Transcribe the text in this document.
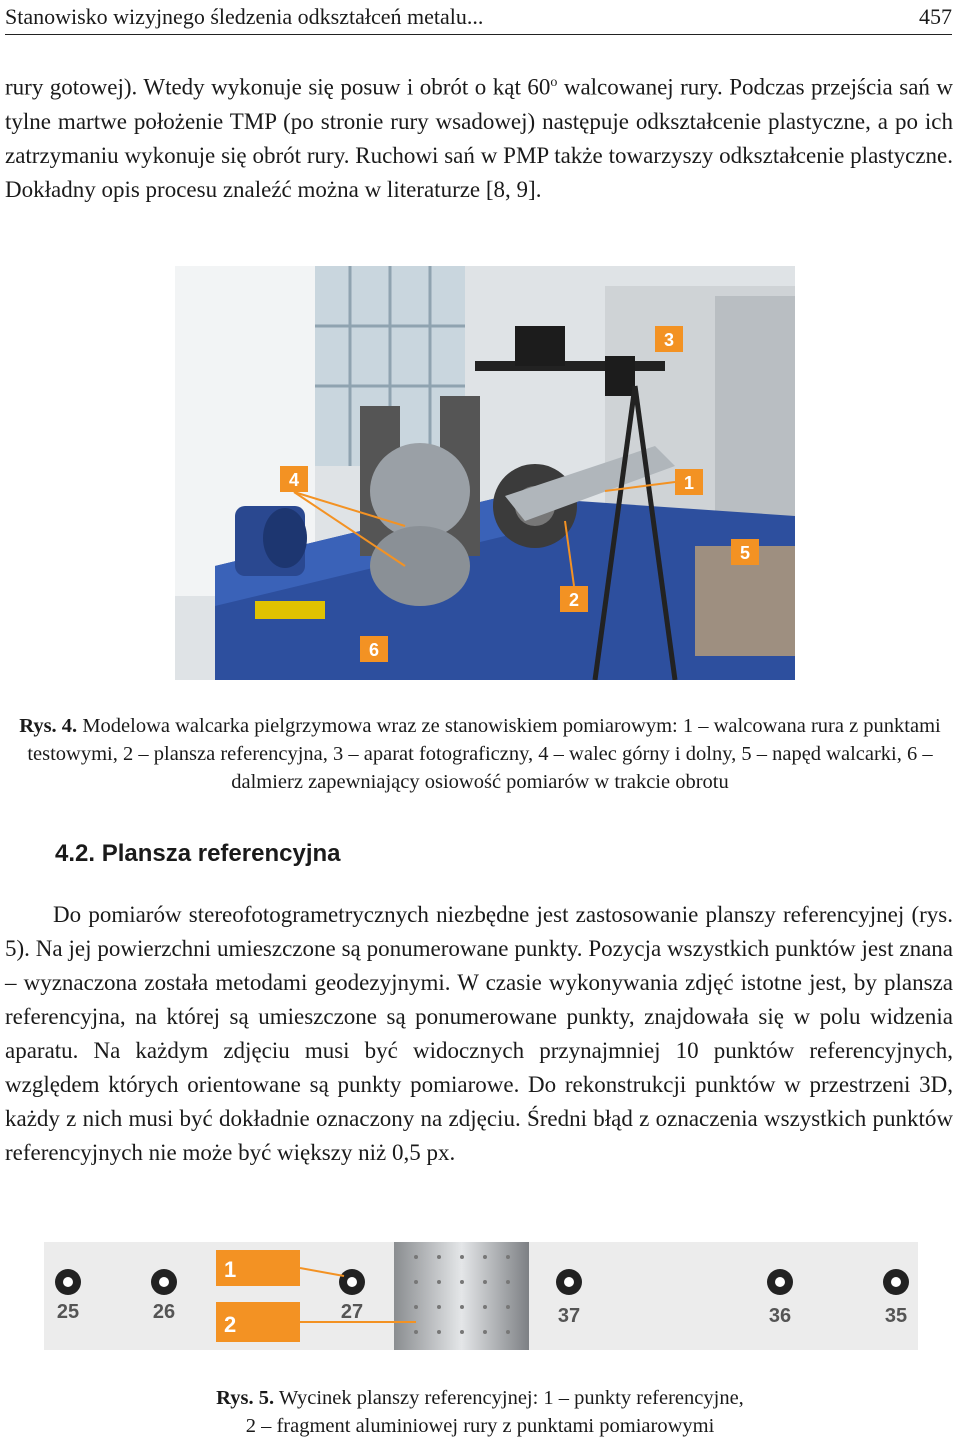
Stanowisko wizyjnego śledzenia odkształceń metalu...	457

rury gotowej). Wtedy wykonuje się posuw i obrót o kąt 60$^o$ walcowanej rury. Podczas przejścia sań w tylne martwe położenie TMP (po stronie rury wsadowej) następuje odkształcenie plastyczne, a po ich zatrzymaniu wykonuje się obrót rury. Ruchowi sań w PMP także towarzyszy odkształcenie plastyczne. Dokładny opis procesu znaleźć można w literaturze [8, 9].

3
4	1
5
2
6
Rys. 4. Modelowa walcarka pielgrzymowa wraz ze stanowiskiem pomiarowym: 1 – walcowana rura z punktami testowymi, 2 – plansza referencyjna, 3 – aparat fotograficzny, 4 – walec górny i dolny, 5 – napęd walcarki, 6 – dalmierz zapewniający osiowość pomiarów w trakcie obrotu
4.2. Plansza referencyjna

Do pomiarów stereofotogrametrycznych niezbędne jest zastosowanie planszy referencyjnej (rys. 5). Na jej powierzchni umieszczone są ponumerowane punkty. Pozycja wszystkich punktów jest znana – wyznaczona została metodami geodezyjnymi. W czasie wykonywania zdjęć istotne jest, by plansza referencyjna, na której są umieszczone są ponumerowane punkty, znajdowała się w polu widzenia aparatu. Na każdym zdjęciu musi być widocznych przynajmniej 10 punktów referencyjnych, względem których orientowane są punkty pomiarowe. Do rekonstrukcji punktów w przestrzeni 3D, każdy z nich musi być dokładnie oznaczony na zdjęciu. Średni błąd z oznaczenia wszystkich punktów referencyjnych nie może być większy niż 0,5 px.

25	26	27	37	36	35
1
2
Rys. 5. Wycinek planszy referencyjnej: 1 – punkty referencyjne,
2 – fragment aluminiowej rury z punktami pomiarowymi
